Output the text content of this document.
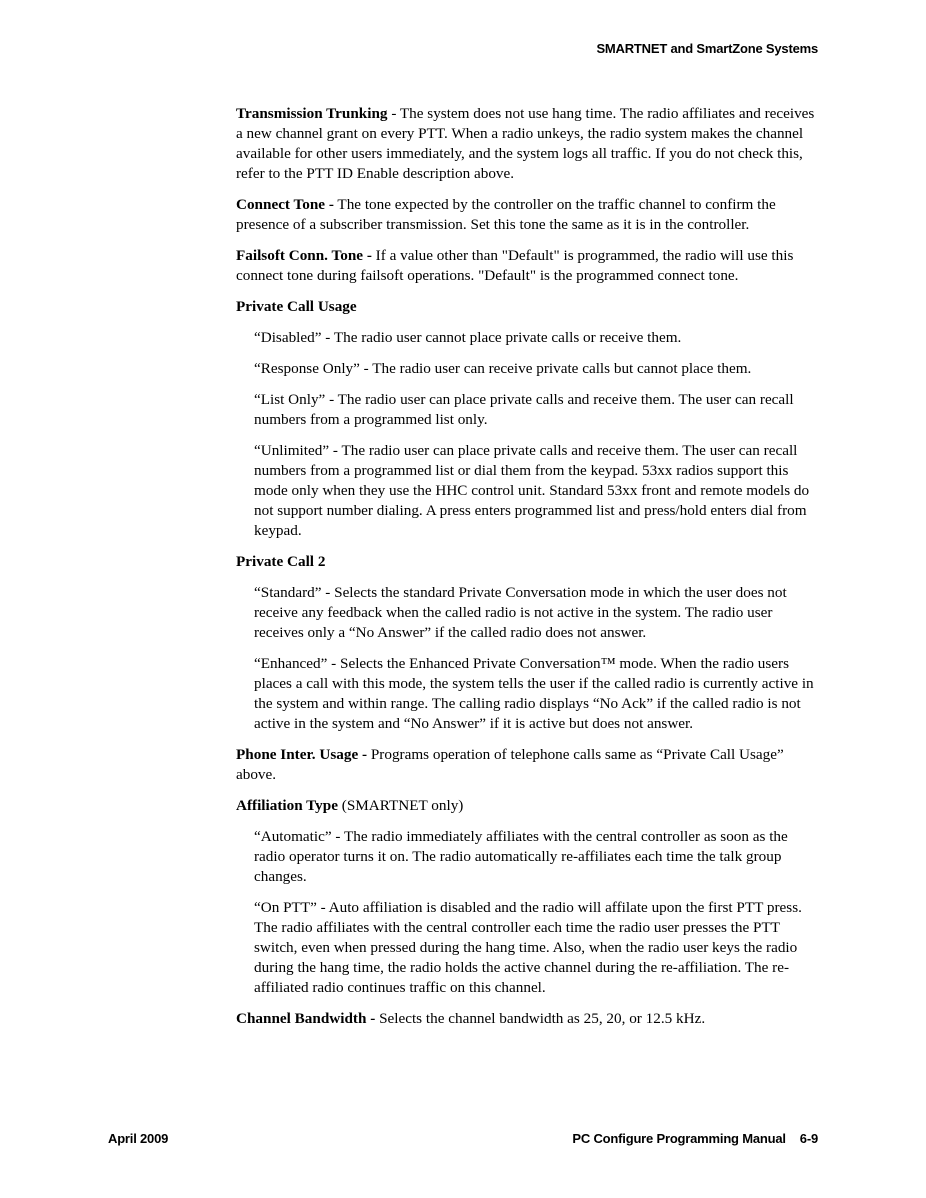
SMARTNET and SmartZone Systems

Transmission Trunking - The system does not use hang time. The radio affiliates and receives a new channel grant on every PTT. When a radio unkeys, the radio system makes the channel available for other users immediately, and the system logs all traffic. If you do not check this, refer to the PTT ID Enable description above.

Connect Tone - The tone expected by the controller on the traffic channel to confirm the presence of a subscriber transmission. Set this tone the same as it is in the controller.

Failsoft Conn. Tone - If a value other than "Default" is programmed, the radio will use this connect tone during failsoft operations. "Default" is the programmed connect tone.

Private Call Usage

“Disabled” - The radio user cannot place private calls or receive them.

“Response Only” - The radio user can receive private calls but cannot place them.

“List Only” - The radio user can place private calls and receive them. The user can recall numbers from a programmed list only.

“Unlimited” - The radio user can place private calls and receive them. The user can recall numbers from a programmed list or dial them from the keypad. 53xx radios support this mode only when they use the HHC control unit. Standard 53xx front and remote models do not support number dialing. A press enters programmed list and press/hold enters dial from keypad.

Private Call 2

“Standard” - Selects the standard Private Conversation mode in which the user does not receive any feedback when the called radio is not active in the system. The radio user receives only a “No Answer” if the called radio does not answer.

“Enhanced” - Selects the Enhanced Private Conversation™ mode. When the radio users places a call with this mode, the system tells the user if the called radio is currently active in the system and within range. The calling radio displays “No Ack” if the called radio is not active in the system and “No Answer” if it is active but does not answer.

Phone Inter. Usage - Programs operation of telephone calls same as “Private Call Usage” above.

Affiliation Type (SMARTNET only)

“Automatic” - The radio immediately affiliates with the central controller as soon as the radio operator turns it on. The radio automatically re-affiliates each time the talk group changes.

“On PTT” - Auto affiliation is disabled and the radio will affilate upon the first PTT press. The radio affiliates with the central controller each time the radio user presses the PTT switch, even when pressed during the hang time. Also, when the radio user keys the radio during the hang time, the radio holds the active channel during the re-affiliation. The re-affiliated radio continues traffic on this channel.

Channel Bandwidth - Selects the channel bandwidth as 25, 20, or 12.5 kHz.

April 2009	PC Configure Programming Manual 6-9
